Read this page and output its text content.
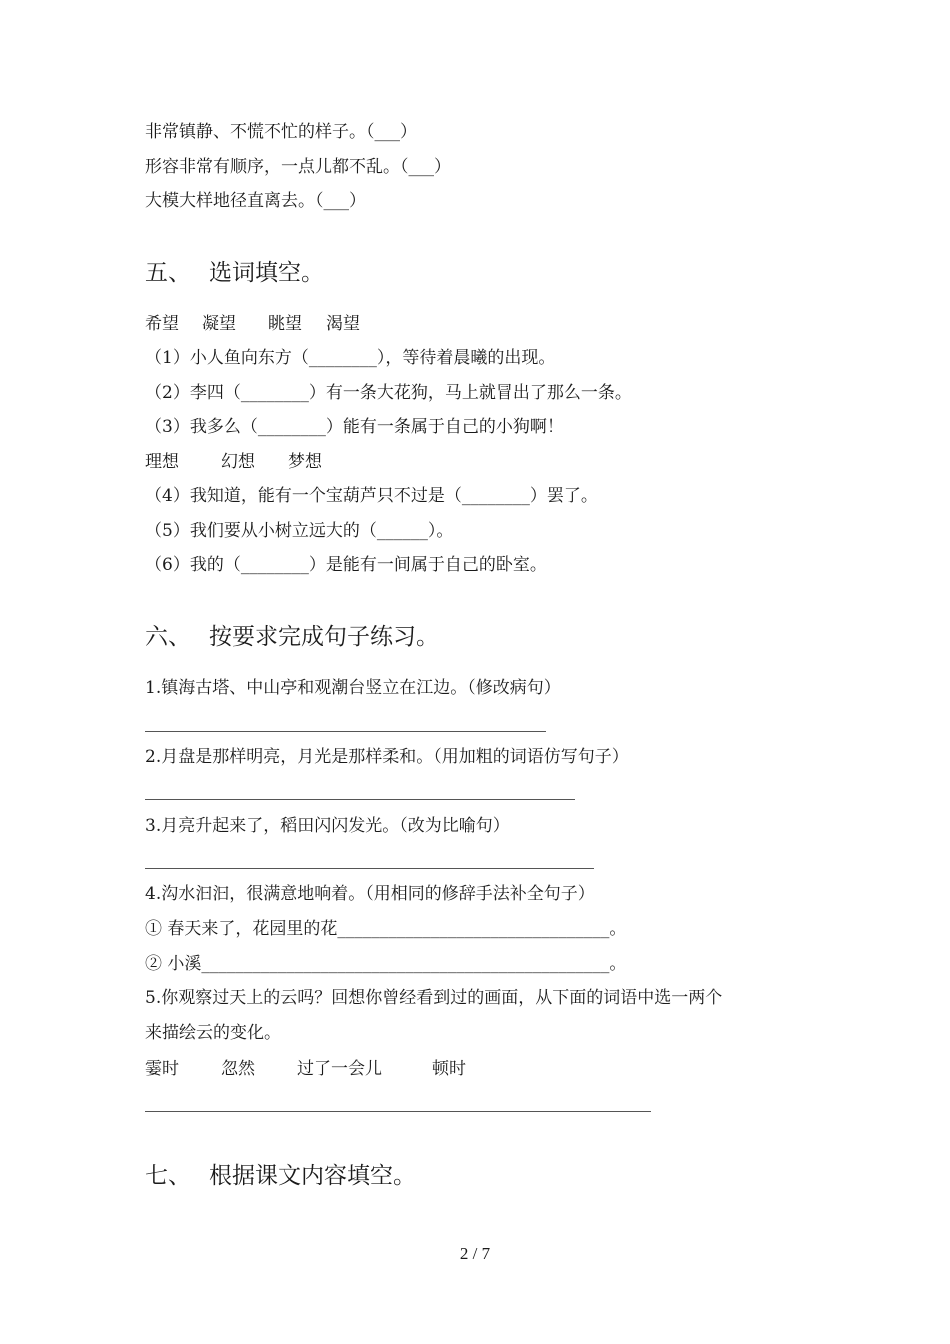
非常镇静、不慌不忙的样子。（___）
形容非常有顺序，一点儿都不乱。（___）
大模大样地径直离去。（___）
五、 选词填空。
希望 凝望 眺望 渴望
（1）小人鱼向东方（________），等待着晨曦的出现。
（2）李四（________）有一条大花狗，马上就冒出了那么一条。
（3）我多么（________）能有一条属于自己的小狗啊！
理想 幻想 梦想
（4）我知道，能有一个宝葫芦只不过是（________）罢了。
（5）我们要从小树立远大的（______）。
（6）我的（________）是能有一间属于自己的卧室。
六、 按要求完成句子练习。
1.镇海古塔、中山亭和观潮台竖立在江边。（修改病句）
2.月盘是那样明亮，月光是那样柔和。（用加粗的词语仿写句子）
3.月亮升起来了，稻田闪闪发光。（改为比喻句）
4.沟水汩汩，很满意地响着。（用相同的修辞手法补全句子）
① 春天来了，花园里的花________________________________。
② 小溪________________________________________________。
5.你观察过天上的云吗？回想你曾经看到过的画面，从下面的词语中选一两个
来描绘云的变化。
霎时 忽然 过了一会儿	顿时
七、 根据课文内容填空。
2 / 7
